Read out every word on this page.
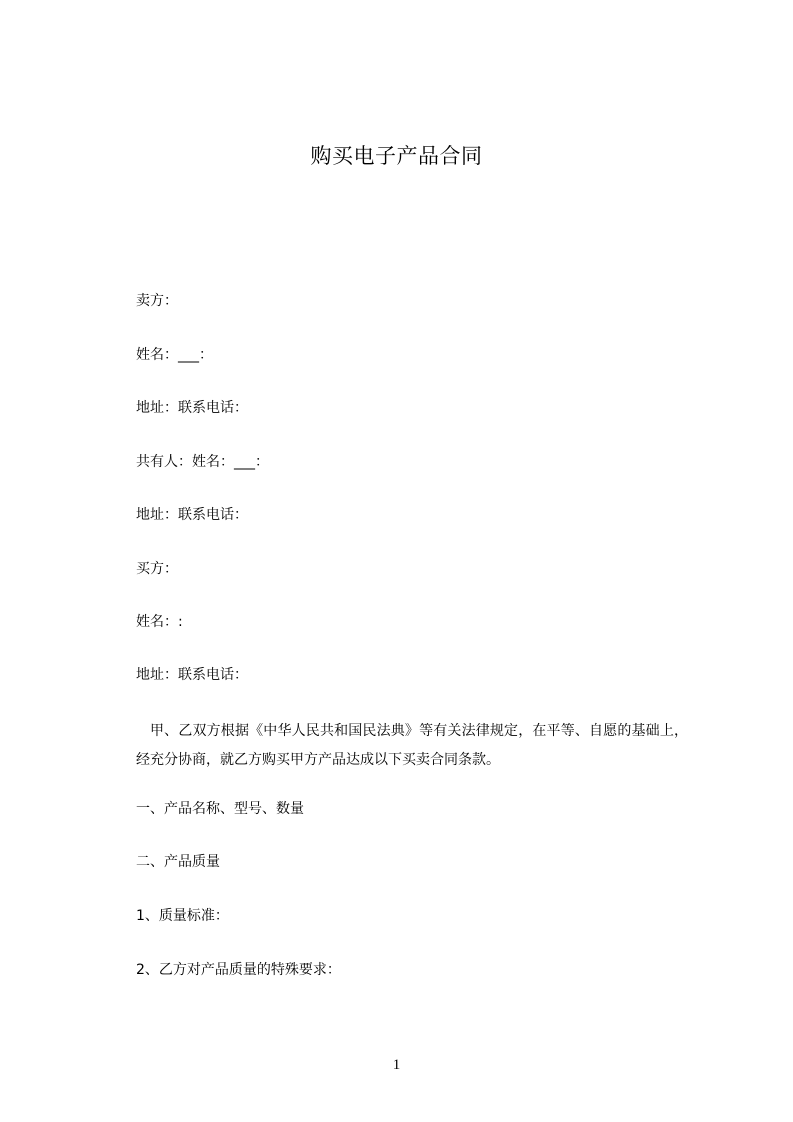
购买电子产品合同
卖方：
姓名：___：
地址：联系电话：
共有人：姓名：___：
地址：联系电话：
买方：
姓名：:
地址：联系电话：
甲、乙双方根据《中华人民共和国民法典》等有关法律规定，在平等、自愿的基础上，经充分协商，就乙方购买甲方产品达成以下买卖合同条款。
一、产品名称、型号、数量
二、产品质量
1、质量标准：
2、乙方对产品质量的特殊要求：
1
